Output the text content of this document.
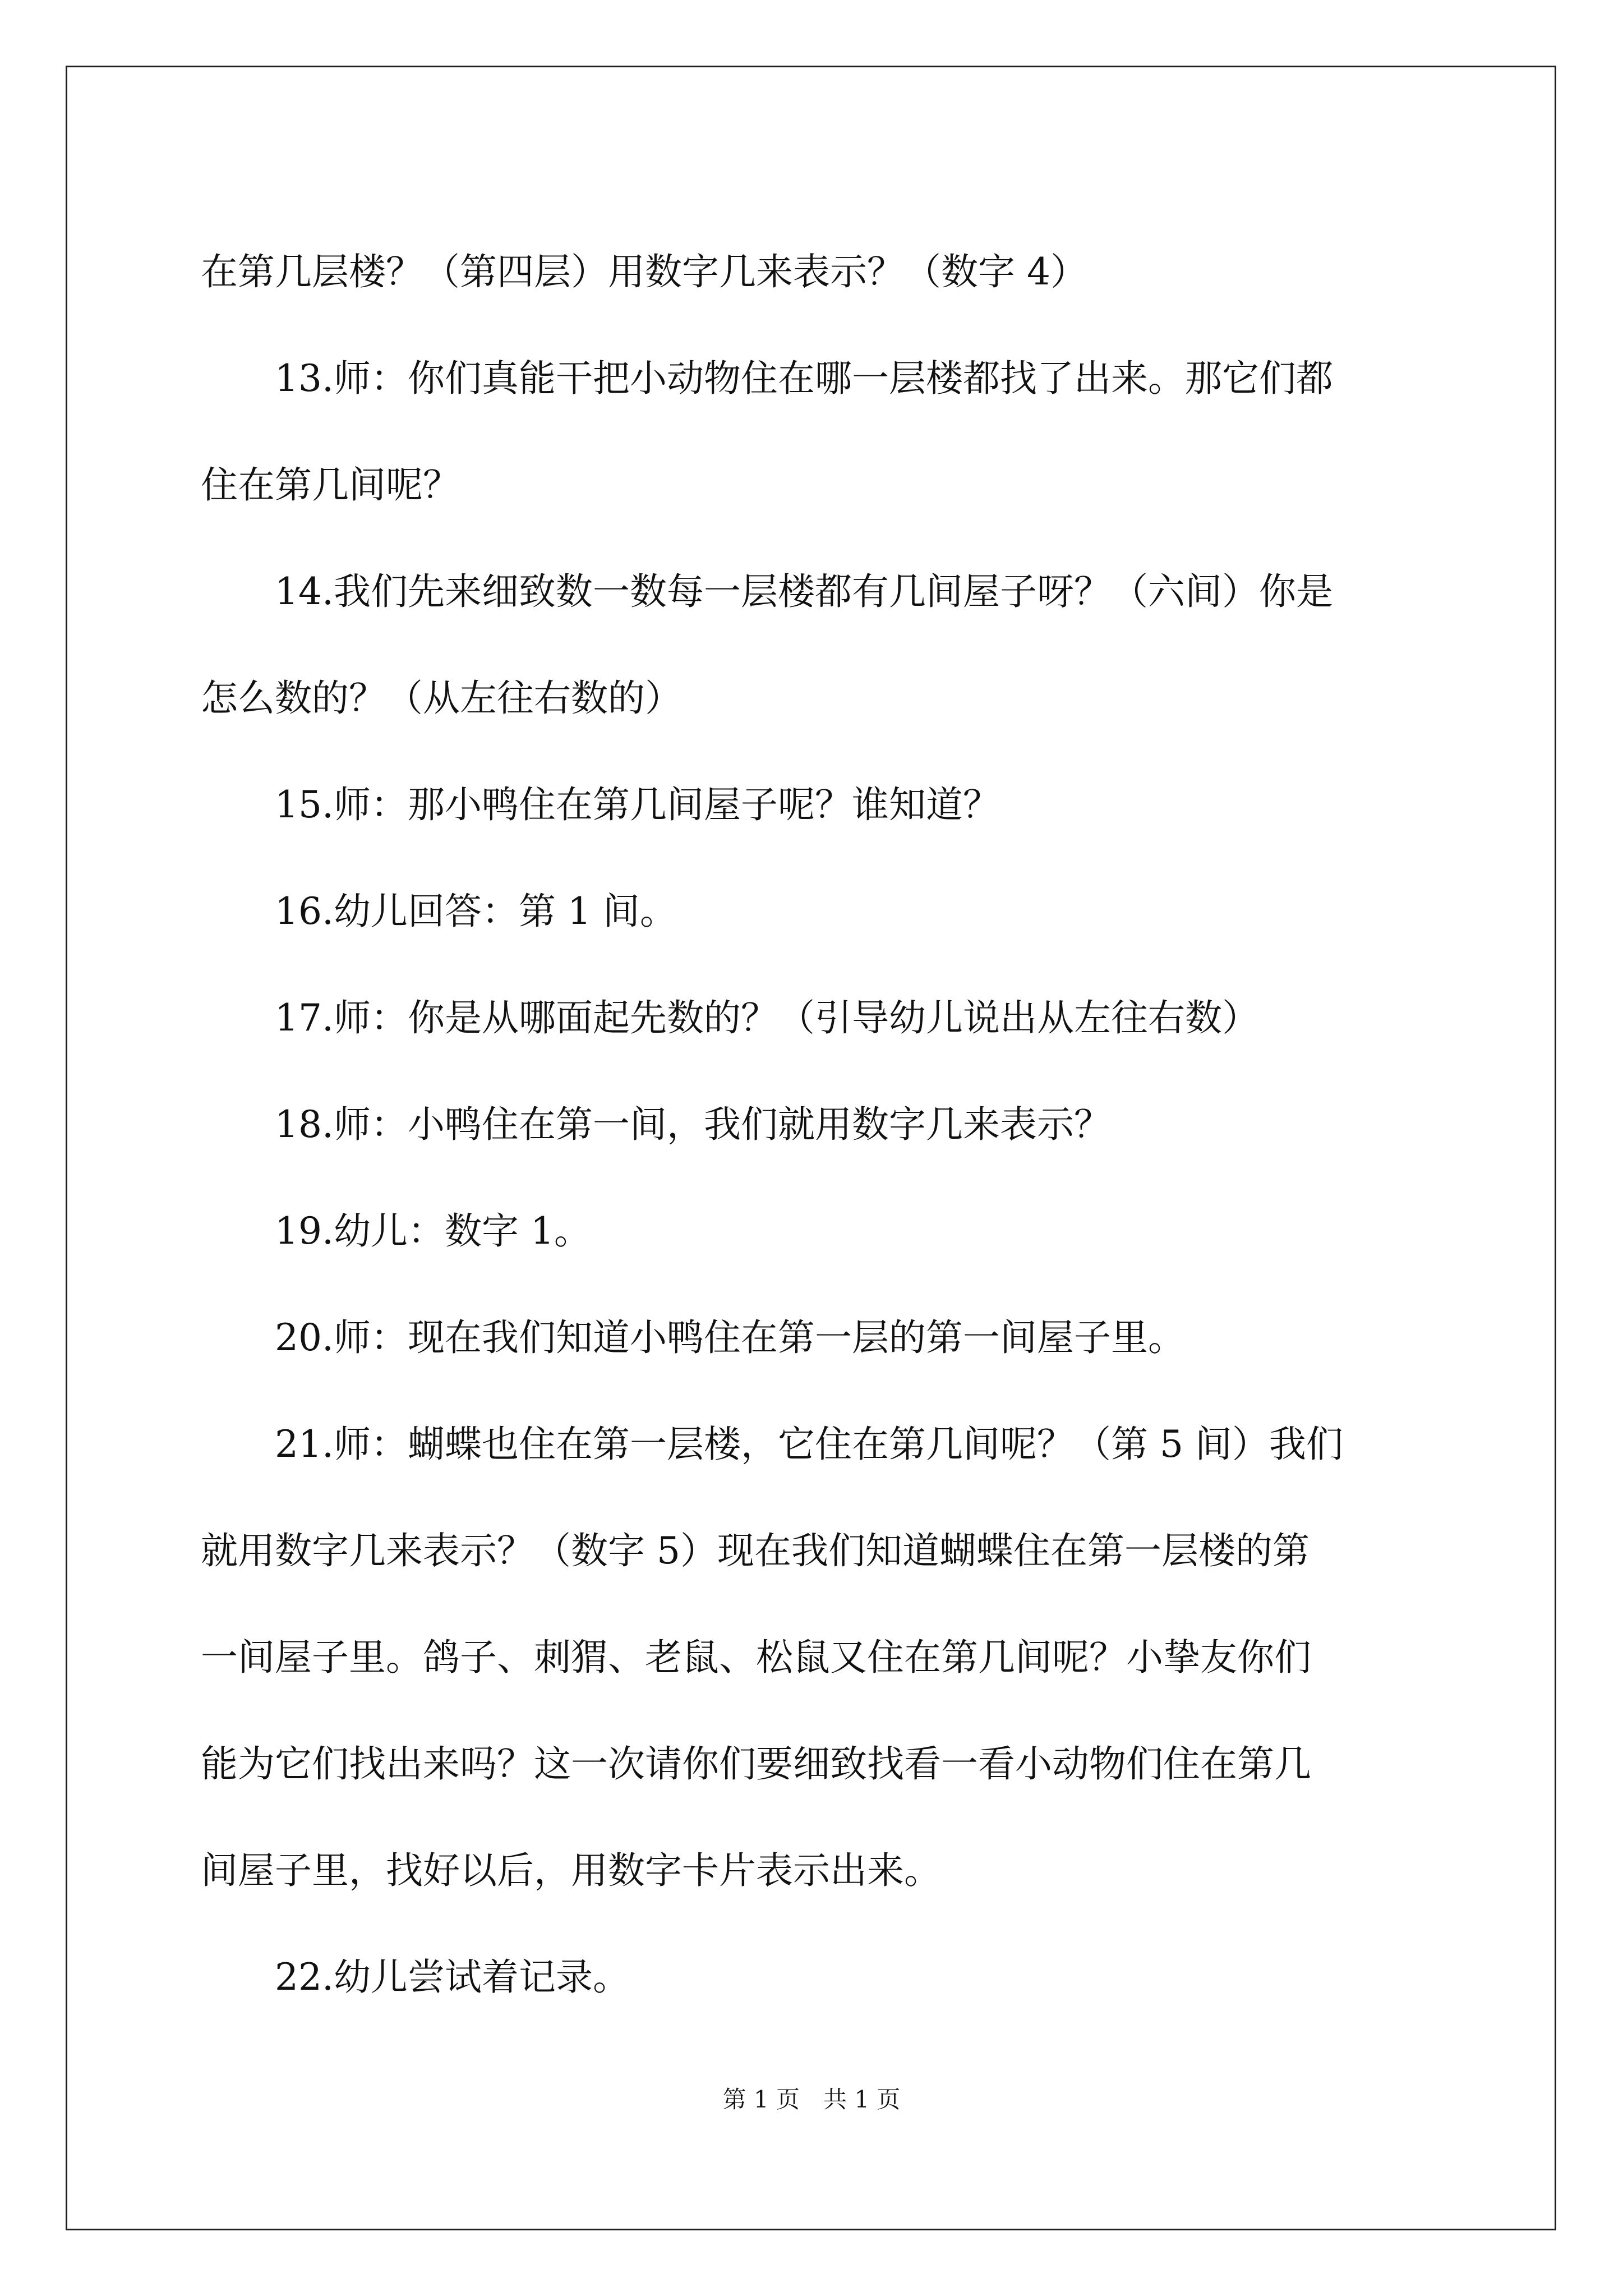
在第几层楼？（第四层）用数字几来表示？（数字 4）

13.师：你们真能干把小动物住在哪一层楼都找了出来。那它们都

住在第几间呢？

14.我们先来细致数一数每一层楼都有几间屋子呀？（六间）你是

怎么数的？（从左往右数的）

15.师：那小鸭住在第几间屋子呢？谁知道？

16.幼儿回答：第 1 间。

17.师：你是从哪面起先数的？（引导幼儿说出从左往右数）

18.师：小鸭住在第一间，我们就用数字几来表示？

19.幼儿：数字 1。

20.师：现在我们知道小鸭住在第一层的第一间屋子里。

21.师：蝴蝶也住在第一层楼，它住在第几间呢？（第 5 间）我们

就用数字几来表示？（数字 5）现在我们知道蝴蝶住在第一层楼的第

一间屋子里。鸽子、刺猬、老鼠、松鼠又住在第几间呢？小挚友你们

能为它们找出来吗？这一次请你们要细致找看一看小动物们住在第几

间屋子里，找好以后，用数字卡片表示出来。

22.幼儿尝试着记录。

第 1 页　共 1 页
